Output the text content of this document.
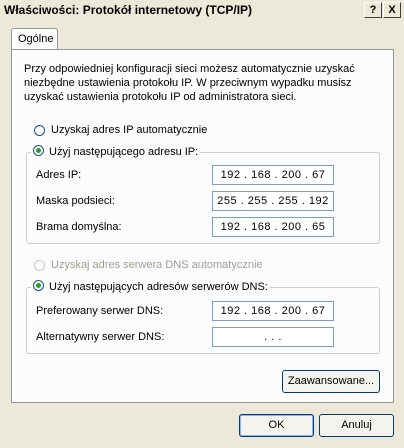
Właściwości: Protokół internetowy (TCP/IP)	?	X
Ogólne
Przy odpowiedniej konfiguracji sieci możesz automatycznie uzyskać niezbędne ustawienia protokołu IP. W przeciwnym wypadku musisz uzyskać ustawienia protokołu IP od administratora sieci.
Uzyskaj adres IP automatycznie
Użyj następującego adresu IP:
Adres IP:	192 . 168 . 200 . 67
Maska podsieci:	255 . 255 . 255 . 192
Brama domyślna:	192 . 168 . 200 . 65
Uzyskaj adres serwera DNS automatycznie
Użyj następujących adresów serwerów DNS:
Preferowany serwer DNS:	192 . 168 . 200 . 67
Alternatywny serwer DNS:	. . .
Zaawansowane...
OK	Anuluj
